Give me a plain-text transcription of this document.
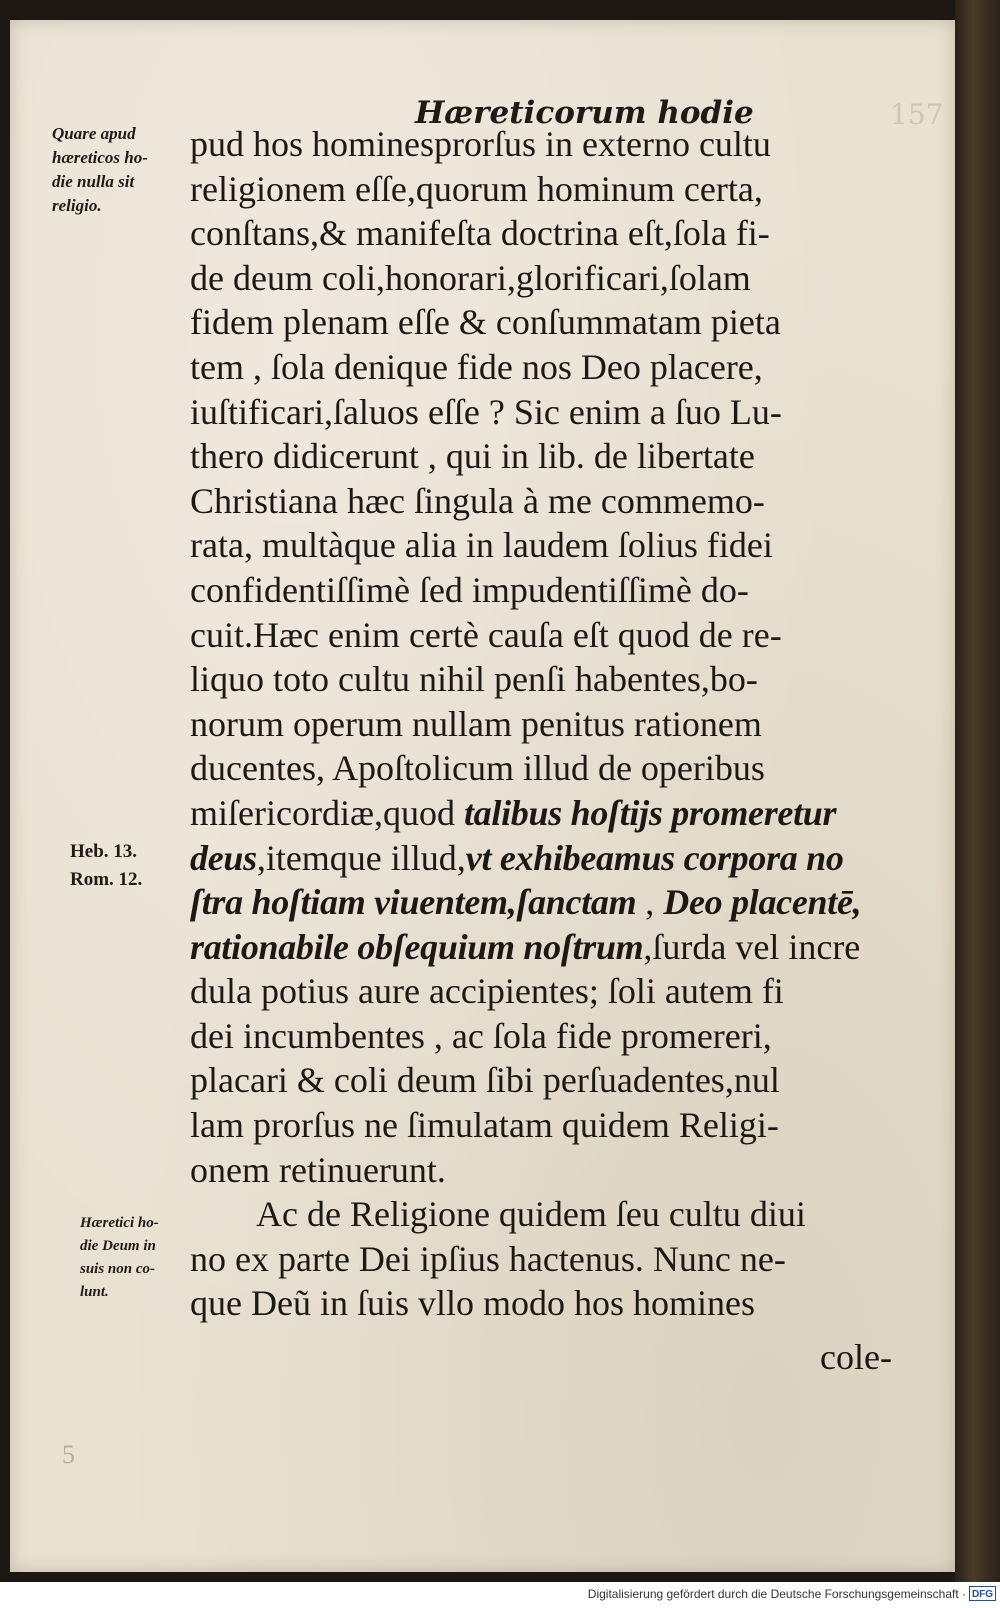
Hæreticorum hodie	157
Quare apud
hæreticos ho-
die nulla sit
religio.
Heb. 13.
Rom. 12.
Hæretici ho-
die Deum in
suis non co-
lunt.
pud hos hominesprorſus in externo cultu
religionem eſſe,quorum hominum certa,
conſtans,& manifeſta doctrina eſt,ſola fi-
de deum coli,honorari,glorificari,ſolam
fidem plenam eſſe & conſummatam pieta
tem , ſola denique fide nos Deo placere,
iuſtificari,ſaluos eſſe ? Sic enim a ſuo Lu-
thero didicerunt , qui in lib. de libertate
Christiana hæc ſingula à me commemo-
rata, multàque alia in laudem ſolius fidei
confidentiſſimè ſed impudentiſſimè do-
cuit.Hæc enim certè cauſa eſt quod de re-
liquo toto cultu nihil penſi habentes,bo-
norum operum nullam penitus rationem
ducentes, Apoſtolicum illud de operibus
miſericordiæ,quod talibus hoſtijs promeretur
deus,itemque illud,vt exhibeamus corpora no
ſtra hoſtiam viuentem,ſanctam , Deo placentē,
rationabile obſequium noſtrum,ſurda vel incre
dula potius aure accipientes; ſoli autem fi
dei incumbentes , ac ſola fide promereri,
placari & coli deum ſibi perſuadentes,nul
lam prorſus ne ſimulatam quidem Religi-
onem retinuerunt.
Ac de Religione quidem ſeu cultu diui
no ex parte Dei ipſius hactenus. Nunc ne-
que Deũ in ſuis vllo modo hos homines
cole-
5
Digitalisierung gefördert durch die Deutsche Forschungsgemeinschaft · DFG
